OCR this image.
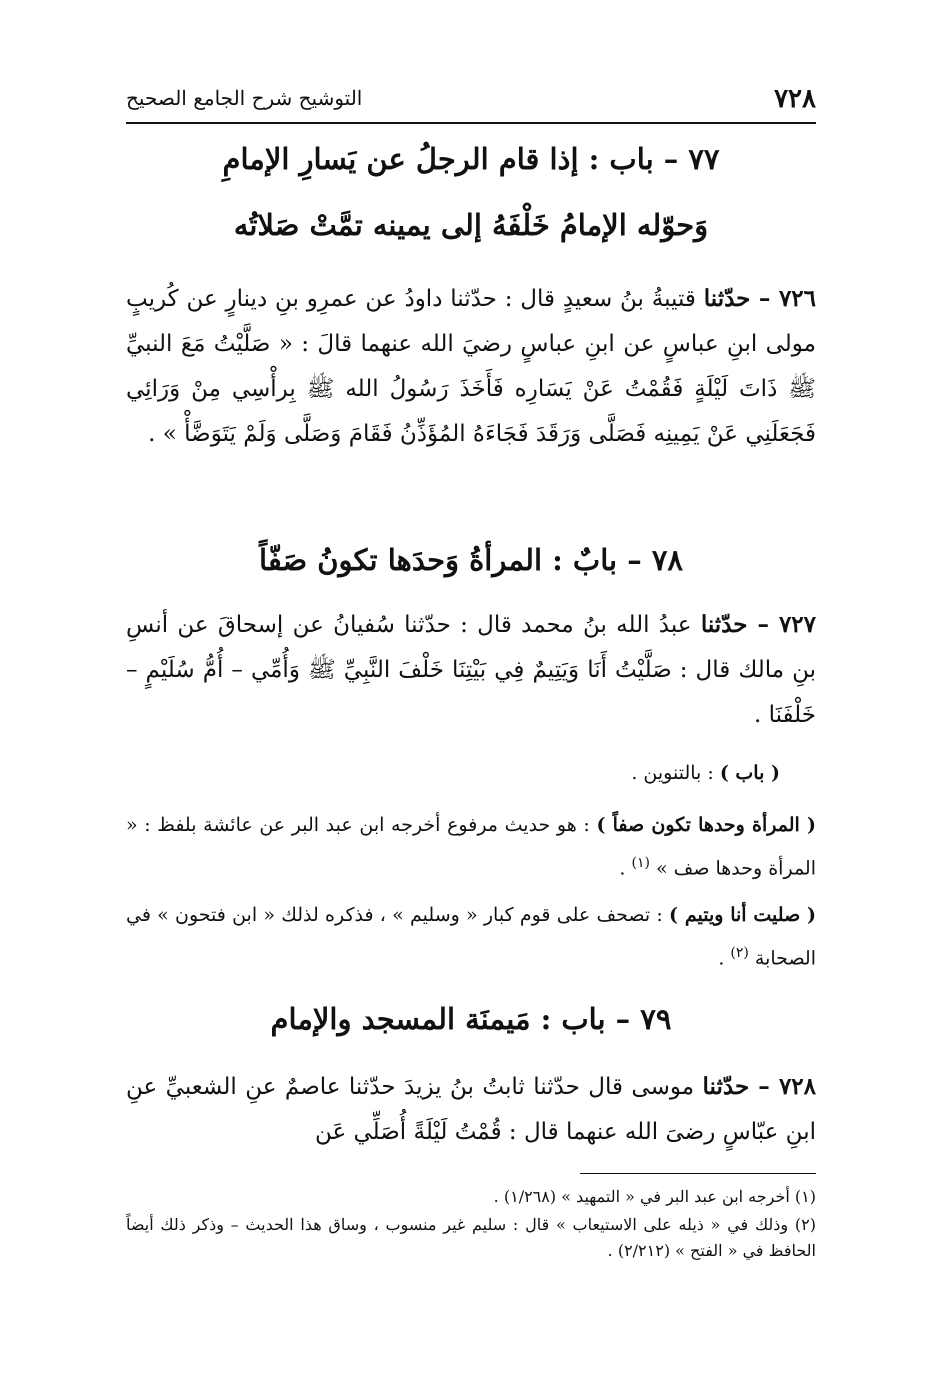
٧٢٨
التوشيح شرح الجامع الصحيح
٧٧ – باب : إذا قام الرجلُ عن يَسارِ الإمامِ
وَحوّله الإمامُ خَلْفَهُ إلى يمينه تمَّتْ صَلاتُه
٧٢٦ – حدّثنا قتيبةُ بنُ سعيدٍ قال : حدّثنا داودُ عن عمرِو بنِ دينارٍ عن كُريبٍ مولى ابنِ عباسٍ عن ابنِ عباسٍ رضيَ الله عنهما قالَ : « صَلَّيْتُ مَعَ النبيِّ ﷺ ذَاتَ لَيْلَةٍ فَقُمْتُ عَنْ يَسَارِه فَأَخَذَ رَسُولُ الله ﷺ بِرأْسِي مِنْ وَرَائِي فَجَعَلَنِي عَنْ يَمِينِه فَصَلَّى وَرَقَدَ فَجَاءَهُ المُؤَذِّنُ فَقَامَ وَصَلَّى وَلَمْ يَتَوَضَّأْ » .
٧٨ – بابٌ : المرأةُ وَحدَها تكونُ صَفّاً
٧٢٧ – حدّثنا عبدُ الله بنُ محمد قال : حدّثنا سُفيانُ عن إسحاقَ عن أنسِ بنِ مالك قال : صَلَّيْتُ أَنَا وَيَتِيمٌ فِي بَيْتِنَا خَلْفَ النَّبِيِّ ﷺ وَأُمِّي – أُمُّ سُلَيْمٍ – خَلْفَنَا .
( باب ) : بالتنوين .
( المرأة وحدها تكون صفاً ) : هو حديث مرفوع أخرجه ابن عبد البر عن عائشة بلفظ : « المرأة وحدها صف » $^{(١)}$ .
( صليت أنا ويتيم ) : تصحف على قوم كبار « وسليم » ، فذكره لذلك « ابن فتحون » في الصحابة $^{(٢)}$ .
٧٩ – باب : مَيمنَة المسجد والإمام
٧٢٨ – حدّثنا موسى قال حدّثنا ثابتُ بنُ يزيدَ حدّثنا عاصمٌ عنِ الشعبيِّ عنِ ابنِ عبّاسٍ رضىَ الله عنهما قال : قُمْتُ لَيْلَةً أُصَلِّي عَن
(١) أخرجه ابن عبد البر في « التمهيد » (١/٢٦٨) .
(٢) وذلك في « ذيله على الاستيعاب » قال : سليم غير منسوب ، وساق هذا الحديث – وذكر ذلك أيضاً الحافظ في « الفتح » (٢/٢١٢) .
